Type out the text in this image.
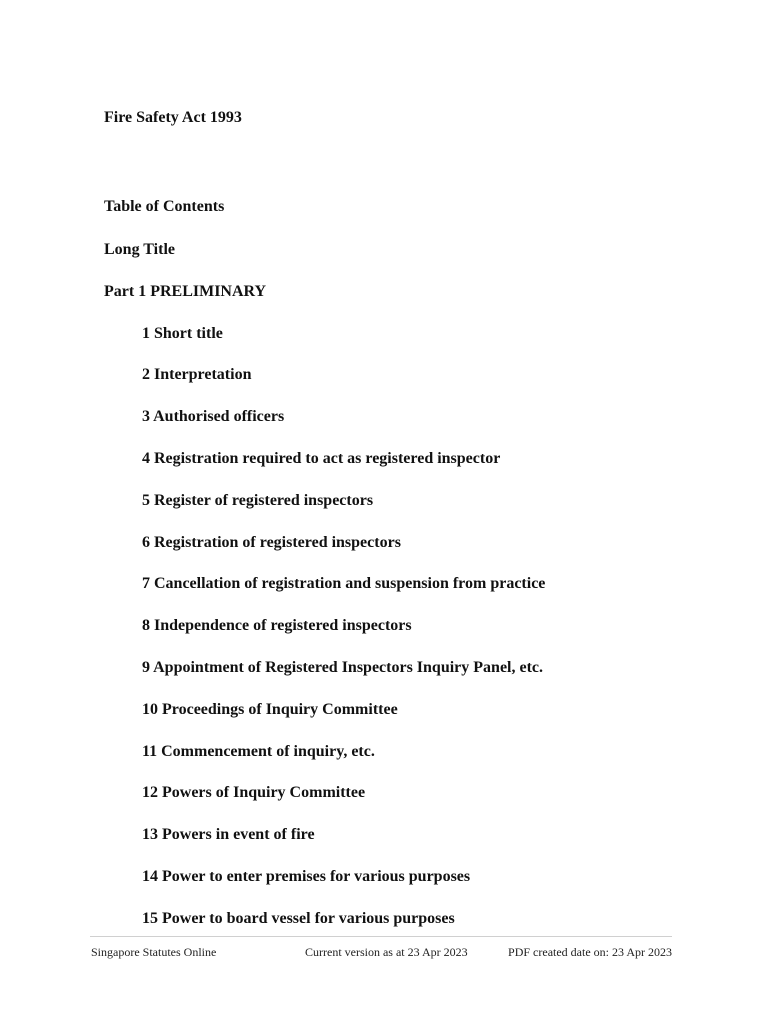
Fire Safety Act 1993
Table of Contents
Long Title
Part 1 PRELIMINARY
1 Short title
2 Interpretation
3 Authorised officers
4 Registration required to act as registered inspector
5 Register of registered inspectors
6 Registration of registered inspectors
7 Cancellation of registration and suspension from practice
8 Independence of registered inspectors
9 Appointment of Registered Inspectors Inquiry Panel, etc.
10 Proceedings of Inquiry Committee
11 Commencement of inquiry, etc.
12 Powers of Inquiry Committee
13 Powers in event of fire
14 Power to enter premises for various purposes
15 Power to board vessel for various purposes
Singapore Statutes Online	Current version as at 23 Apr 2023	PDF created date on: 23 Apr 2023
